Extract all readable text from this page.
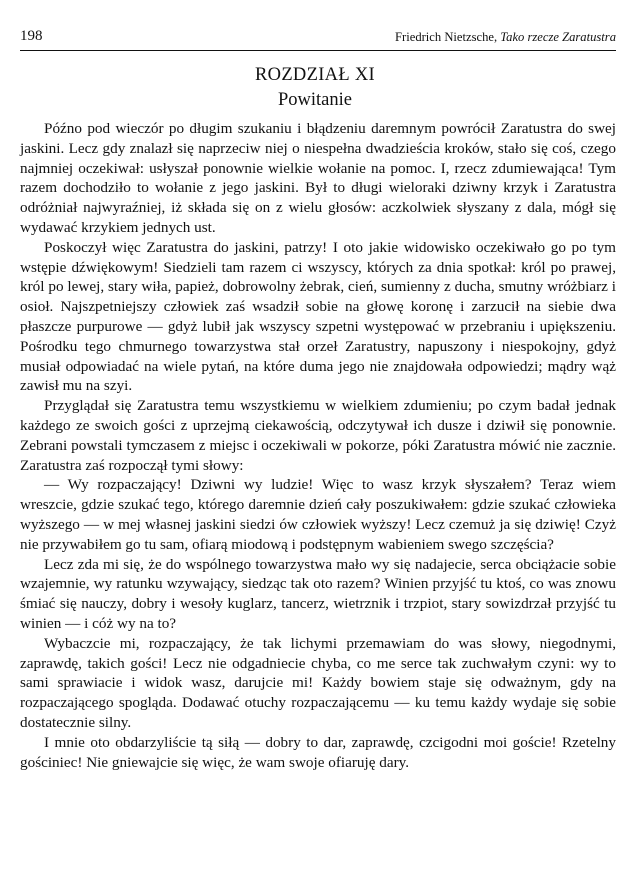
198	Friedrich Nietzsche, Tako rzecze Zaratustra
ROZDZIAŁ XI
Powitanie

Późno pod wieczór po długim szukaniu i błądzeniu daremnym powrócił Zaratustra do swej jaskini. Lecz gdy znalazł się naprzeciw niej o niespełna dwadzieścia kroków, stało się coś, czego najmniej oczekiwał: usłyszał ponownie wielkie wołanie na pomoc. I, rzecz zdumiewająca! Tym razem dochodziło to wołanie z jego jaskini. Był to długi wieloraki dziwny krzyk i Zaratustra odróżniał najwyraźniej, iż składa się on z wielu głosów: aczkolwiek słyszany z dala, mógł się wydawać krzykiem jednych ust.

Poskoczył więc Zaratustra do jaskini, patrzy! I oto jakie widowisko oczekiwało go po tym wstępie dźwiękowym! Siedzieli tam razem ci wszyscy, których za dnia spotkał: król po prawej, król po lewej, stary wiła, papież, dobrowolny żebrak, cień, sumienny z ducha, smutny wróżbiarz i osioł. Najszpetniejszy człowiek zaś wsadził sobie na głowę koronę i zarzucił na siebie dwa płaszcze purpurowe — gdyż lubił jak wszyscy szpetni występować w przebraniu i upiększeniu. Pośrodku tego chmurnego towarzystwa stał orzeł Zaratustry, napuszony i niespokojny, gdyż musiał odpowiadać na wiele pytań, na które duma jego nie znajdowała odpowiedzi; mądry wąż zawisł mu na szyi.

Przyglądał się Zaratustra temu wszystkiemu w wielkiem zdumieniu; po czym badał jednak każdego ze swoich gości z uprzejmą ciekawością, odczytywał ich dusze i dziwił się ponownie. Zebrani powstali tymczasem z miejsc i oczekiwali w pokorze, póki Zaratustra mówić nie zacznie. Zaratustra zaś rozpoczął tymi słowy:

— Wy rozpaczający! Dziwni wy ludzie! Więc to wasz krzyk słyszałem? Teraz wiem wreszcie, gdzie szukać tego, którego daremnie dzień cały poszukiwałem: gdzie szukać człowieka wyższego — w mej własnej jaskini siedzi ów człowiek wyższy! Lecz czemuż ja się dziwię! Czyż nie przywabiłem go tu sam, ofiarą miodową i podstępnym wabieniem swego szczęścia?

Lecz zda mi się, że do wspólnego towarzystwa mało wy się nadajecie, serca obciążacie sobie wzajemnie, wy ratunku wzywający, siedząc tak oto razem? Winien przyjść tu ktoś, co was znowu śmiać się nauczy, dobry i wesoły kuglarz, tancerz, wietrznik i trzpiot, stary sowizdrzał przyjść tu winien — i cóż wy na to?

Wybaczcie mi, rozpaczający, że tak lichymi przemawiam do was słowy, niegodnymi, zaprawdę, takich gości! Lecz nie odgadniecie chyba, co me serce tak zuchwałym czyni: wy to sami sprawiacie i widok wasz, darujcie mi! Każdy bowiem staje się odważnym, gdy na rozpaczającego spogląda. Dodawać otuchy rozpaczającemu — ku temu każdy wydaje się sobie dostatecznie silny.

I mnie oto obdarzyliście tą siłą — dobry to dar, zaprawdę, czcigodni moi goście! Rzetelny gościniec! Nie gniewajcie się więc, że wam swoje ofiaruję dary.
